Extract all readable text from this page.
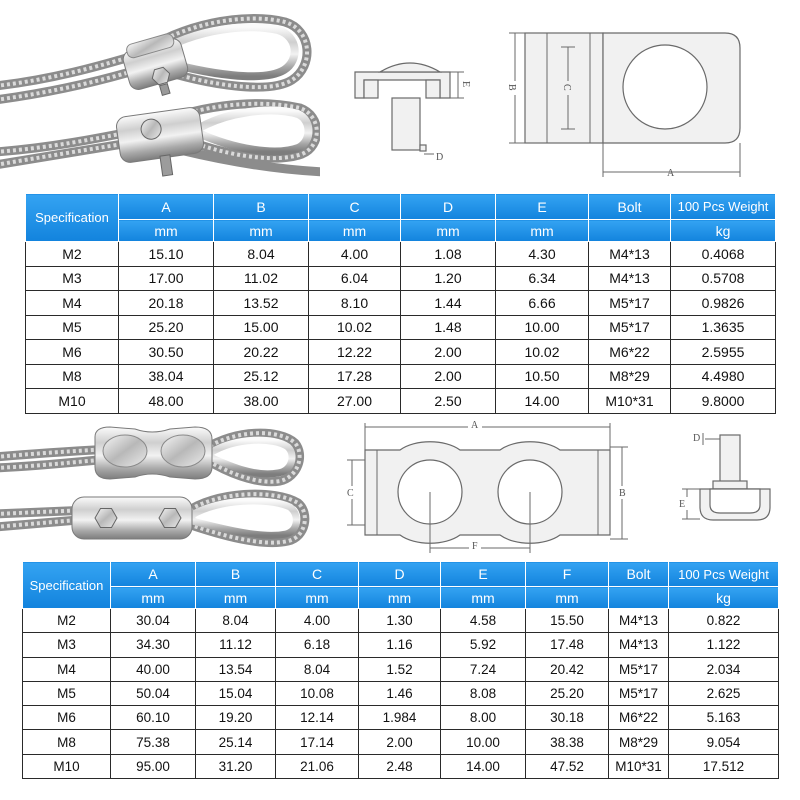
E
D
B	C
A
Specification	A	B	C	D	E	Bolt	100 Pcs Weight
	mm	mm	mm	mm	mm		kg
M2	15.10	8.04	4.00	1.08	4.30	M4*13	0.4068
M3	17.00	11.02	6.04	1.20	6.34	M4*13	0.5708
M4	20.18	13.52	8.10	1.44	6.66	M5*17	0.9826
M5	25.20	15.00	10.02	1.48	10.00	M5*17	1.3635
M6	30.50	20.22	12.22	2.00	10.02	M6*22	2.5955
M8	38.04	25.12	17.28	2.00	10.50	M8*29	4.4980
M10	48.00	38.00	27.00	2.50	14.00	M10*31	9.8000
A
F
C	B
D
E
Specification	A	B	C	D	E	F	Bolt	100 Pcs Weight
	mm	mm	mm	mm	mm	mm		kg
M2	30.04	8.04	4.00	1.30	4.58	15.50	M4*13	0.822
M3	34.30	11.12	6.18	1.16	5.92	17.48	M4*13	1.122
M4	40.00	13.54	8.04	1.52	7.24	20.42	M5*17	2.034
M5	50.04	15.04	10.08	1.46	8.08	25.20	M5*17	2.625
M6	60.10	19.20	12.14	1.984	8.00	30.18	M6*22	5.163
M8	75.38	25.14	17.14	2.00	10.00	38.38	M8*29	9.054
M10	95.00	31.20	21.06	2.48	14.00	47.52	M10*31	17.512
